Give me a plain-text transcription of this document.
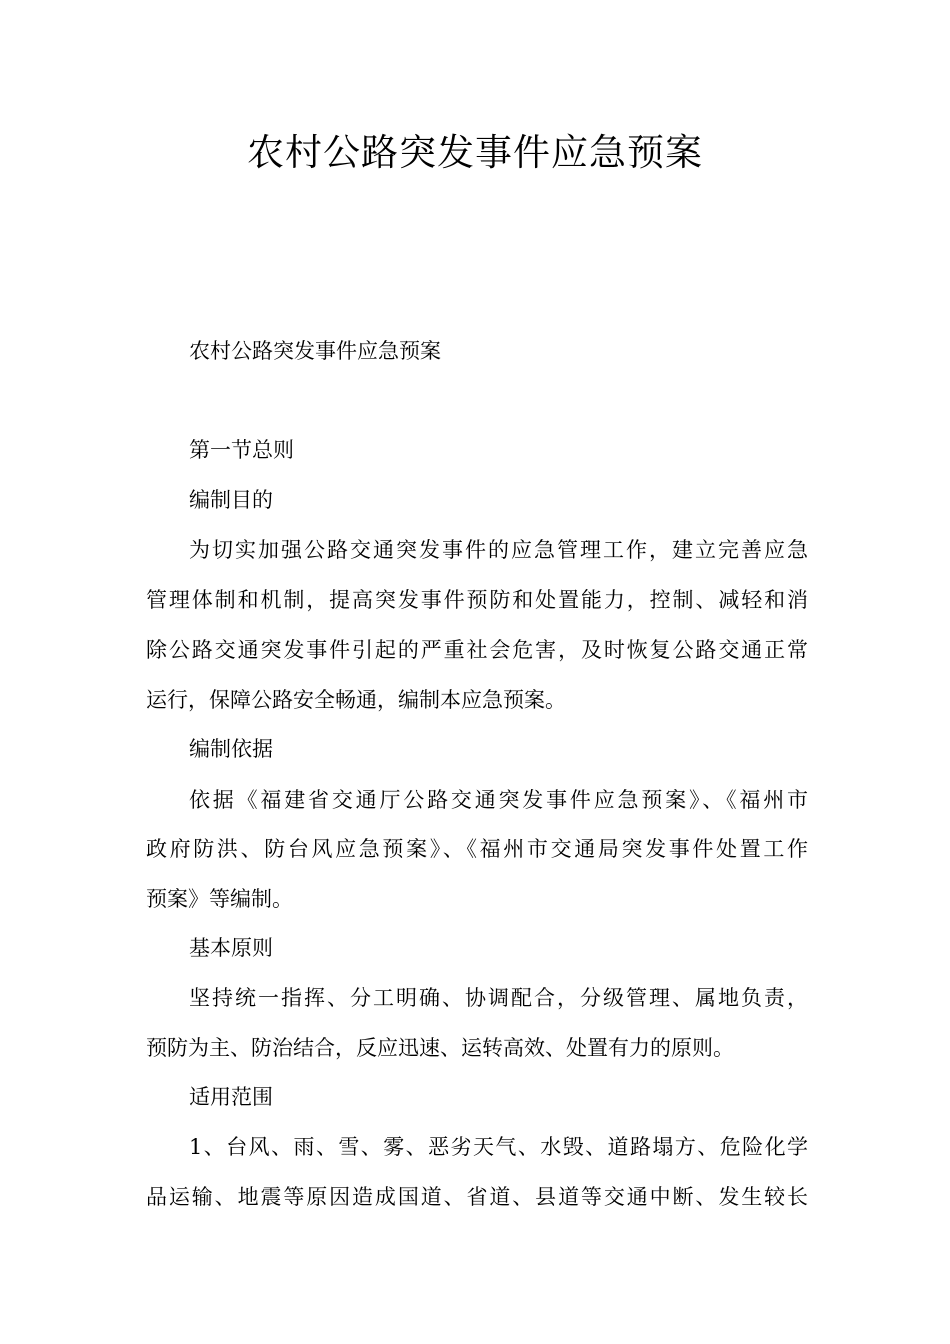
农村公路突发事件应急预案
农村公路突发事件应急预案
第一节总则
编制目的
为切实加强公路交通突发事件的应急管理工作，建立完善应急
管理体制和机制，提高突发事件预防和处置能力，控制、减轻和消
除公路交通突发事件引起的严重社会危害，及时恢复公路交通正常
运行，保障公路安全畅通，编制本应急预案。
编制依据
依据《福建省交通厅公路交通突发事件应急预案》、《福州市
政府防洪、防台风应急预案》、《福州市交通局突发事件处置工作
预案》等编制。
基本原则
坚持统一指挥、分工明确、协调配合，分级管理、属地负责，
预防为主、防治结合，反应迅速、运转高效、处置有力的原则。
适用范围
1、台风、雨、雪、雾、恶劣天气、水毁、道路塌方、危险化学
品运输、地震等原因造成国道、省道、县道等交通中断、发生较长
